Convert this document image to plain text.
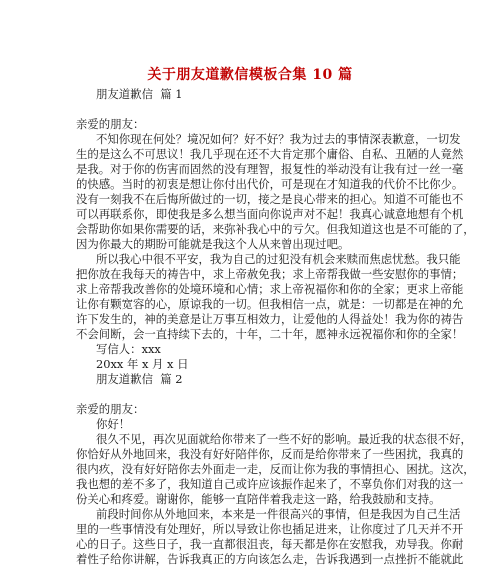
关于朋友道歉信模板合集 10 篇
朋友道歉信  篇 1
亲爱的朋友：
不知你现在何处？境况如何？好不好？我为过去的事情深表歉意，一切发
生的是这么不可思议！我几乎现在还不大肯定那个庸俗、自私、丑陋的人竟然
是我。对于你的伤害而固然的没有理智，报复性的举动没有让我有过一丝一毫
的快感。当时的初衷是想让你付出代价，可是现在才知道我的代价不比你少。
没有一刻我不在后悔所做过的一切，接之是良心带来的担心。知道不可能也不
可以再联系你，即使我是多么想当面向你说声对不起！我真心诚意地想有个机
会帮助你如果你需要的话，来弥补我心中的亏欠。但我知道这也是不可能的了，
因为你最大的期盼可能就是我这个人从来曾出现过吧。
所以我心中很不平安，我为自己的过犯没有机会来赎而焦虑忧愁。我只能
把你放在我每天的祷告中，求上帝赦免我；求上帝帮我做一些安慰你的事情；
求上帝帮我改善你的处境环境和心情；求上帝祝福你和你的全家；更求上帝能
让你有颗宽容的心，原谅我的一切。但我相信一点，就是：一切都是在神的允
许下发生的，神的美意是让万事互相效力，让爱他的人得益处！我为你的祷告
不会间断，会一直持续下去的，十年，二十年，愿神永远祝福你和你的全家！
写信人：xxx
20xx 年 x 月 x 日
朋友道歉信  篇 2
亲爱的朋友：
你好！
很久不见，再次见面就给你带来了一些不好的影响。最近我的状态很不好，
你恰好从外地回来，我没有好好陪伴你，反而是给你带来了一些困扰，我真的
很内疚，没有好好陪你去外面走一走，反而让你为我的事情担心、困扰。这次，
我也想的差不多了，我知道自己或许应该振作起来了，不辜负你们对我的这一
份关心和疼爱。谢谢你，能够一直陪伴着我走这一路，给我鼓励和支持。
前段时间你从外地回来，本来是一件很高兴的事情，但是我因为自己生活
里的一些事情没有处理好，所以导致让你也插足进来，让你度过了几天并不开
心的日子。这些日子，我一直都很沮丧，每天都是你在安慰我，劝导我。你耐
着性子给你讲解，告诉我真正的方向该怎么走，告诉我遇到一点挫折不能就此
